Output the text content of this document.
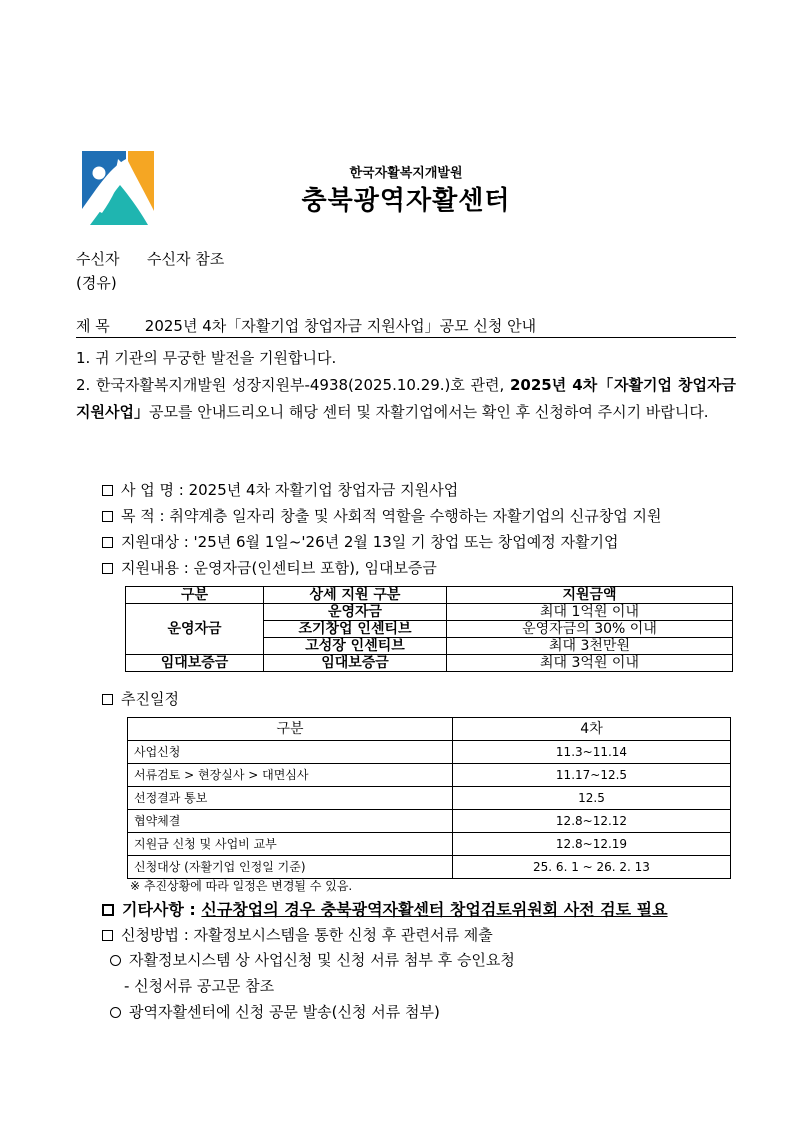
한국자활복지개발원
충북광역자활센터
수신자 수신자 참조
(경유)
제 목 2025년 4차「자활기업 창업자금 지원사업」공모 신청 안내
1. 귀 기관의 무궁한 발전을 기원합니다.
2. 한국자활복지개발원 성장지원부-4938(2025.10.29.)호 관련, 2025년 4차「자활기업 창업자금 지원사업」공모를 안내드리오니 해당 센터 및 자활기업에서는 확인 후 신청하여 주시기 바랍니다.
사 업 명 : 2025년 4차 자활기업 창업자금 지원사업
목 적 : 취약계층 일자리 창출 및 사회적 역할을 수행하는 자활기업의 신규창업 지원
지원대상 : '25년 6월 1일~'26년 2월 13일 기 창업 또는 창업예정 자활기업
지원내용 : 운영자금(인센티브 포함), 임대보증금
구분	상세 지원 구분	지원금액
운영자금	운영자금	최대 1억원 이내
	조기창업 인센티브	운영자금의 30% 이내
	고성장 인센티브	최대 3천만원
임대보증금	임대보증금	최대 3억원 이내
추진일정
구분	4차
사업신청	11.3~11.14
서류검토 > 현장실사 > 대면심사	11.17~12.5
선정결과 통보	12.5
협약체결	12.8~12.12
지원금 신청 및 사업비 교부	12.8~12.19
신청대상 (자활기업 인정일 기준)	25. 6. 1 ~ 26. 2. 13
※ 추진상황에 따라 일정은 변경될 수 있음.
기타사항 : 신규창업의 경우 충북광역자활센터 창업검토위원회 사전 검토 필요
신청방법 : 자활정보시스템을 통한 신청 후 관련서류 제출
자활정보시스템 상 사업신청 및 신청 서류 첨부 후 승인요청
- 신청서류 공고문 참조
광역자활센터에 신청 공문 발송(신청 서류 첨부)
